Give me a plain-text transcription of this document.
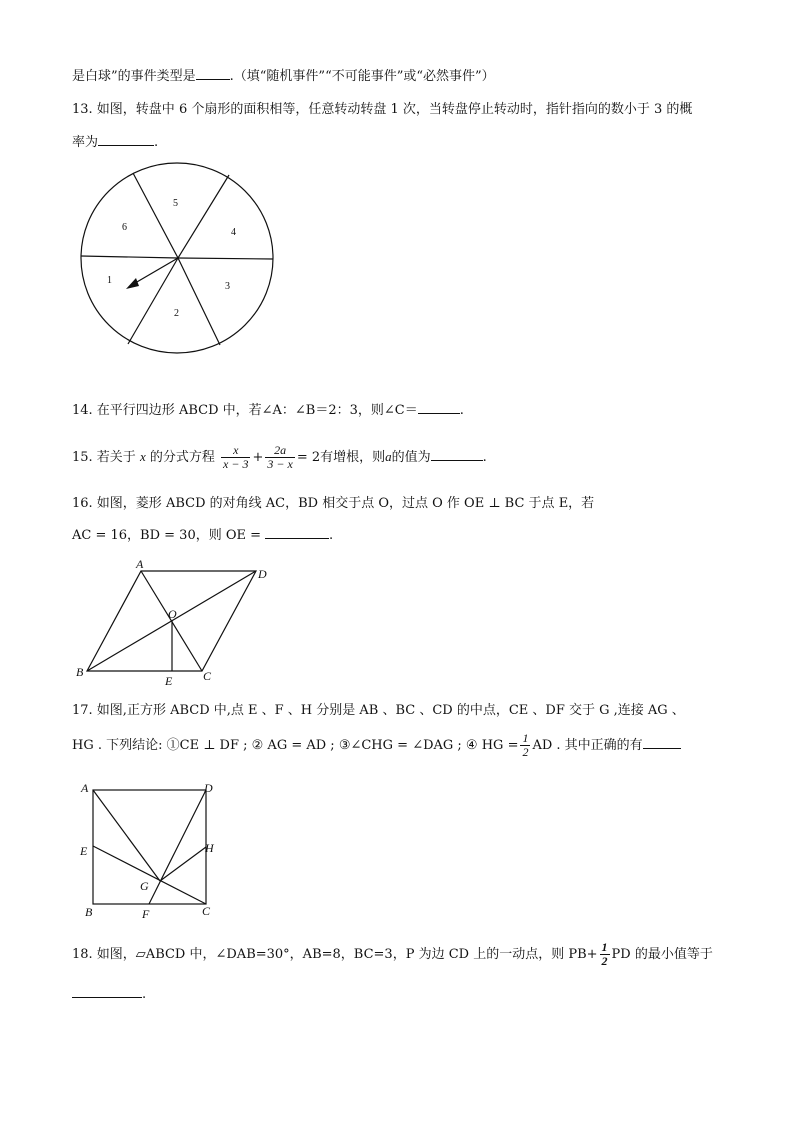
是白球”的事件类型是	.（填“随机事件”“不可能事件”或“必然事件”）
13. 如图，转盘中 6 个扇形的面积相等，任意转动转盘 1 次，当转盘停止转动时，指针指向的数小于 3 的概
率为	.
1
2
3
4
5
6
14. 在平行四边形 ABCD 中，若∠A：∠B＝2：3，则∠C＝	.
15. 若关于 x 的分式方程 $\frac{x}{x - 3} + \frac{2a}{3 - x} = 2$有增根，则a的值为	.
16. 如图，菱形 ABCD 的对角线 AC，BD 相交于点 O，过点 O 作 OE ⊥ BC 于点 E，若
AC = 16，BD = 30，则 OE =	.
A
D
B	C
O
E
17. 如图,正方形 ABCD 中,点 E 、F 、H 分别是 AB 、BC 、CD 的中点，CE 、DF 交于 G ,连接 AG 、
HG . 下列结论: ①CE ⊥ DF ; ② AG = AD ; ③∠CHG = ∠DAG ; ④ HG = $\frac{1}{2}$ AD . 其中正确的有
A	D
E	H
G
B	F	C
18. 如图，▱ABCD 中，∠DAB=30°，AB=8，BC=3，P 为边 CD 上的一动点，则 $PB+ \frac{1}{2}$ PD 的最小值等于
.
